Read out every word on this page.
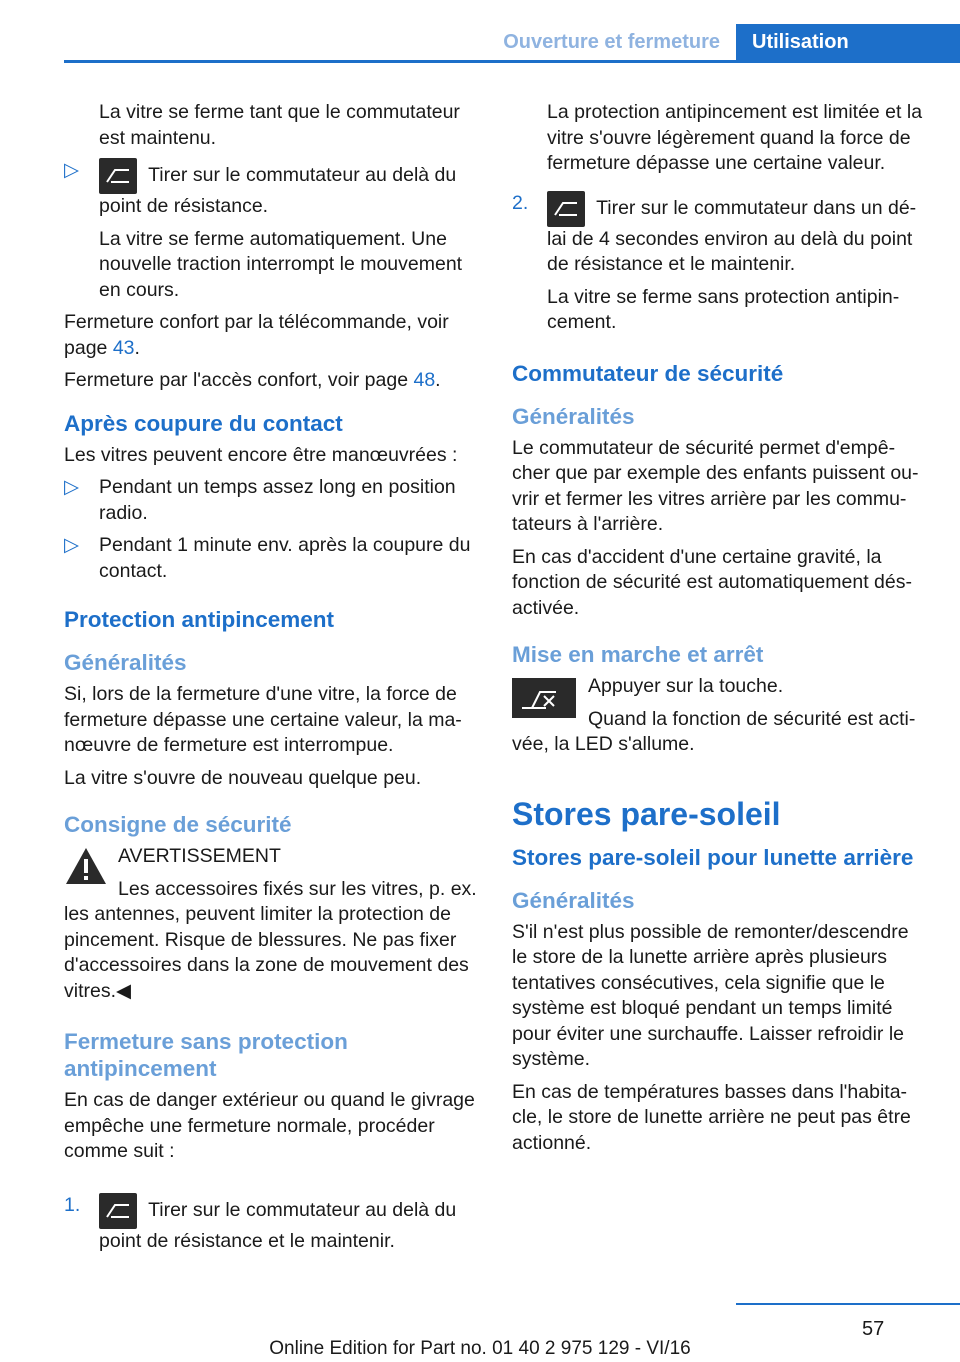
Ouverture et fermeture	Utilisation

La vitre se ferme tant que le commutateur est maintenu.

▷	Tirer sur le commutateur au delà du point de résistance.

La vitre se ferme automatiquement. Une nouvelle traction interrompt le mouvement en cours.

Fermeture confort par la télécommande, voir page 43.

Fermeture par l'accès confort, voir page 48.

Après coupure du contact

Les vitres peuvent encore être manœuvrées :

▷ Pendant un temps assez long en position radio.
▷ Pendant 1 minute env. après la coupure du contact.
Protection antipincement
Généralités

Si, lors de la fermeture d'une vitre, la force de fermeture dépasse une certaine valeur, la ma-nœuvre de fermeture est interrompue.

La vitre s'ouvre de nouveau quelque peu.

Consigne de sécurité

AVERTISSEMENT

Les accessoires fixés sur les vitres, p. ex. les antennes, peuvent limiter la protection de pincement. Risque de blessures. Ne pas fixer d'accessoires dans la zone de mouvement des vitres.◀

Fermeture sans protection antipincement

En cas de danger extérieur ou quand le givrage empêche une fermeture normale, procéder comme suit :

1.	Tirer sur le commutateur au delà du point de résistance et le maintenir.

La protection antipincement est limitée et la vitre s'ouvre légèrement quand la force de fermeture dépasse une certaine valeur.

2.	Tirer sur le commutateur dans un dé-lai de 4 secondes environ au delà du point de résistance et le maintenir.

La vitre se ferme sans protection antipin-cement.

Commutateur de sécurité
Généralités

Le commutateur de sécurité permet d'empê-cher que par exemple des enfants puissent ou-vrir et fermer les vitres arrière par les commu-tateurs à l'arrière.

En cas d'accident d'une certaine gravité, la fonction de sécurité est automatiquement dés-activée.

Mise en marche et arrêt

Appuyer sur la touche.

Quand la fonction de sécurité est acti-vée, la LED s'allume.

Stores pare-soleil
Stores pare-soleil pour lunette arrière
Généralités

S'il n'est plus possible de remonter/descendre le store de la lunette arrière après plusieurs tentatives consécutives, cela signifie que le système est bloqué pendant un temps limité pour éviter une surchauffe. Laisser refroidir le système.

En cas de températures basses dans l'habita-cle, le store de lunette arrière ne peut pas être actionné.

57
Online Edition for Part no. 01 40 2 975 129 - VI/16
